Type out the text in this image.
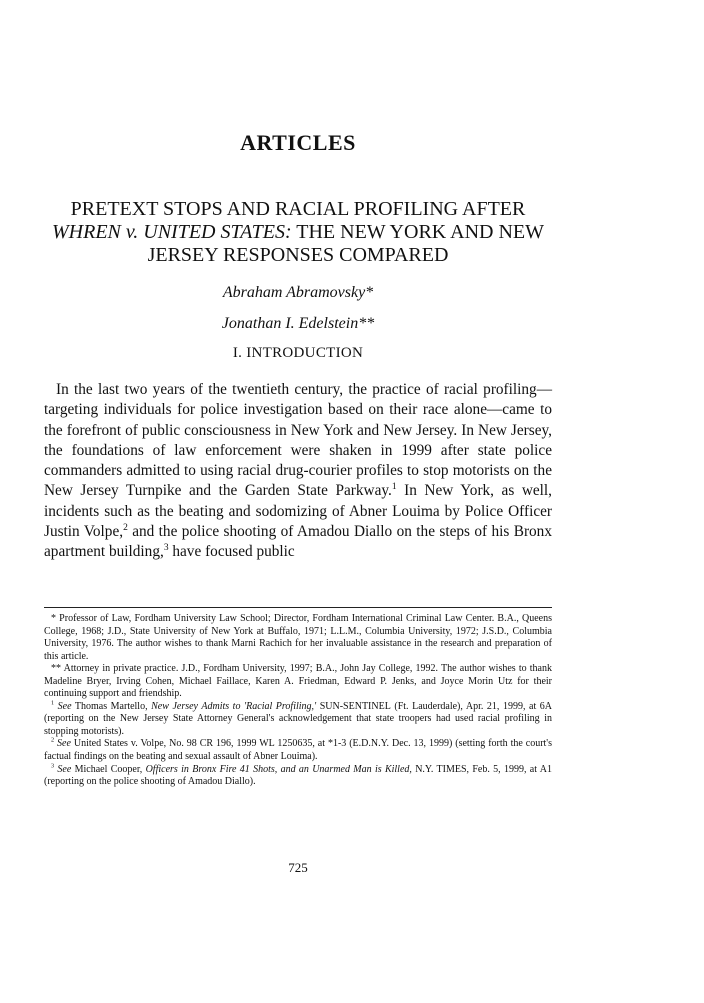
ARTICLES
PRETEXT STOPS AND RACIAL PROFILING AFTER
WHREN v. UNITED STATES: THE NEW YORK AND NEW
JERSEY RESPONSES COMPARED

Abraham Abramovsky*

Jonathan I. Edelstein**

I. INTRODUCTION

In the last two years of the twentieth century, the practice of racial profiling—targeting individuals for police investigation based on their race alone—came to the forefront of public consciousness in New York and New Jersey. In New Jersey, the foundations of law enforcement were shaken in 1999 after state police commanders admitted to using racial drug-courier profiles to stop motorists on the New Jersey Turnpike and the Garden State Parkway.$^1$ In New York, as well, incidents such as the beating and sodomizing of Abner Louima by Police Officer Justin Volpe,$^2$ and the police shooting of Amadou Diallo on the steps of his Bronx apartment building,$^3$ have focused public

* Professor of Law, Fordham University Law School; Director, Fordham International Criminal Law Center. B.A., Queens College, 1968; J.D., State University of New York at Buffalo, 1971; L.L.M., Columbia University, 1972; J.S.D., Columbia University, 1976. The author wishes to thank Marni Rachich for her invaluable assistance in the research and preparation of this article.

** Attorney in private practice. J.D., Fordham University, 1997; B.A., John Jay College, 1992. The author wishes to thank Madeline Bryer, Irving Cohen, Michael Faillace, Karen A. Friedman, Edward P. Jenks, and Joyce Morin Utz for their continuing support and friendship.

$^1$ See Thomas Martello, New Jersey Admits to 'Racial Profiling,' SUN-SENTINEL (Ft. Lauderdale), Apr. 21, 1999, at 6A (reporting on the New Jersey State Attorney General's acknowledgement that state troopers had used racial profiling in stopping motorists).

$^2$ See United States v. Volpe, No. 98 CR 196, 1999 WL 1250635, at *1-3 (E.D.N.Y. Dec. 13, 1999) (setting forth the court's factual findings on the beating and sexual assault of Abner Louima).

$^3$ See Michael Cooper, Officers in Bronx Fire 41 Shots, and an Unarmed Man is Killed, N.Y. TIMES, Feb. 5, 1999, at A1 (reporting on the police shooting of Amadou Diallo).

725
